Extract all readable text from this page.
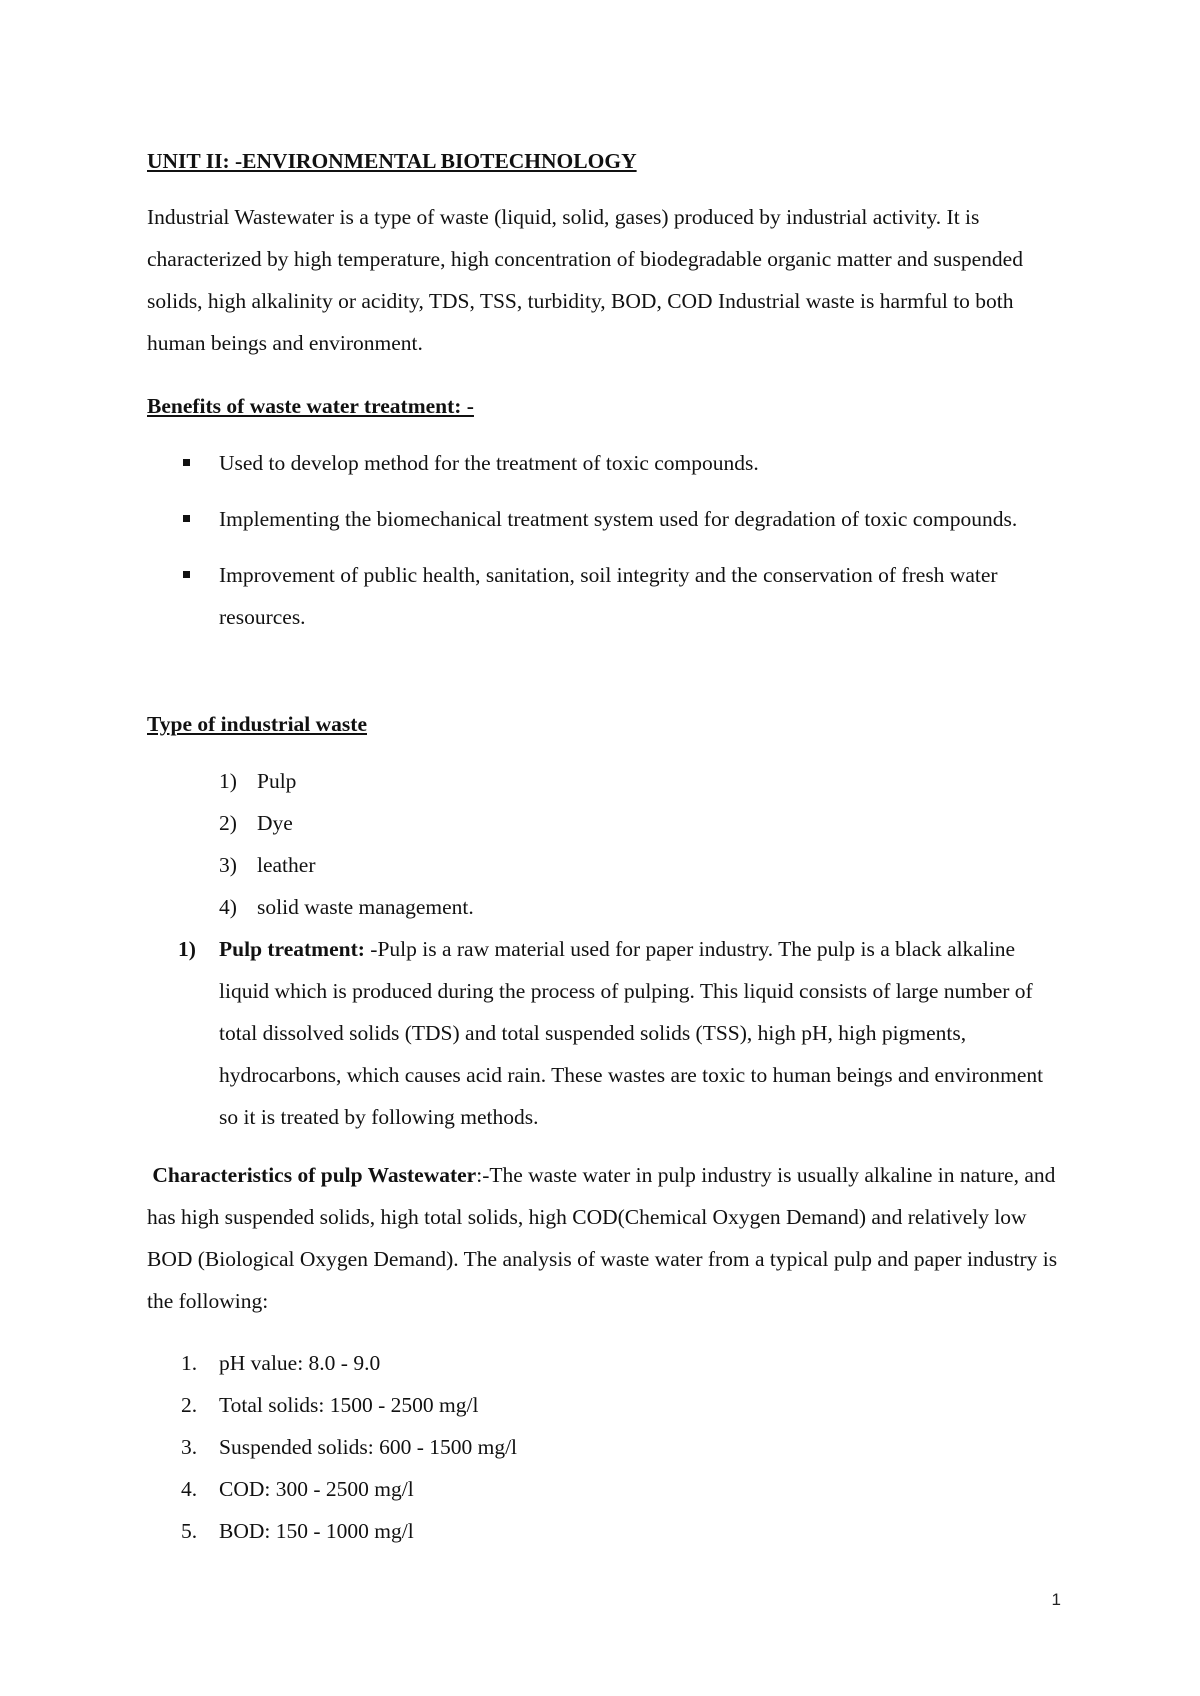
UNIT II: -ENVIRONMENTAL BIOTECHNOLOGY
Industrial Wastewater is a type of waste (liquid, solid, gases) produced by industrial activity. It is characterized by high temperature, high concentration of biodegradable organic matter and suspended solids, high alkalinity or acidity, TDS, TSS, turbidity, BOD, COD Industrial waste is harmful to both human beings and environment.
Benefits of waste water treatment: -
Used to develop method for the treatment of toxic compounds.
Implementing the biomechanical treatment system used for degradation of toxic compounds.
Improvement of public health, sanitation, soil integrity and the conservation of fresh water resources.
Type of industrial waste
1) Pulp
2) Dye
3) leather
4) solid waste management.
1) Pulp treatment: -Pulp is a raw material used for paper industry. The pulp is a black alkaline liquid which is produced during the process of pulping. This liquid consists of large number of total dissolved solids (TDS) and total suspended solids (TSS), high pH, high pigments, hydrocarbons, which causes acid rain. These wastes are toxic to human beings and environment so it is treated by following methods.
Characteristics of pulp Wastewater:-The waste water in pulp industry is usually alkaline in nature, and has high suspended solids, high total solids, high COD(Chemical Oxygen Demand) and relatively low BOD (Biological Oxygen Demand). The analysis of waste water from a typical pulp and paper industry is the following:
1. pH value: 8.0 - 9.0
2. Total solids: 1500 - 2500 mg/l
3. Suspended solids: 600 - 1500 mg/l
4. COD: 300 - 2500 mg/l
5. BOD: 150 - 1000 mg/l
1
